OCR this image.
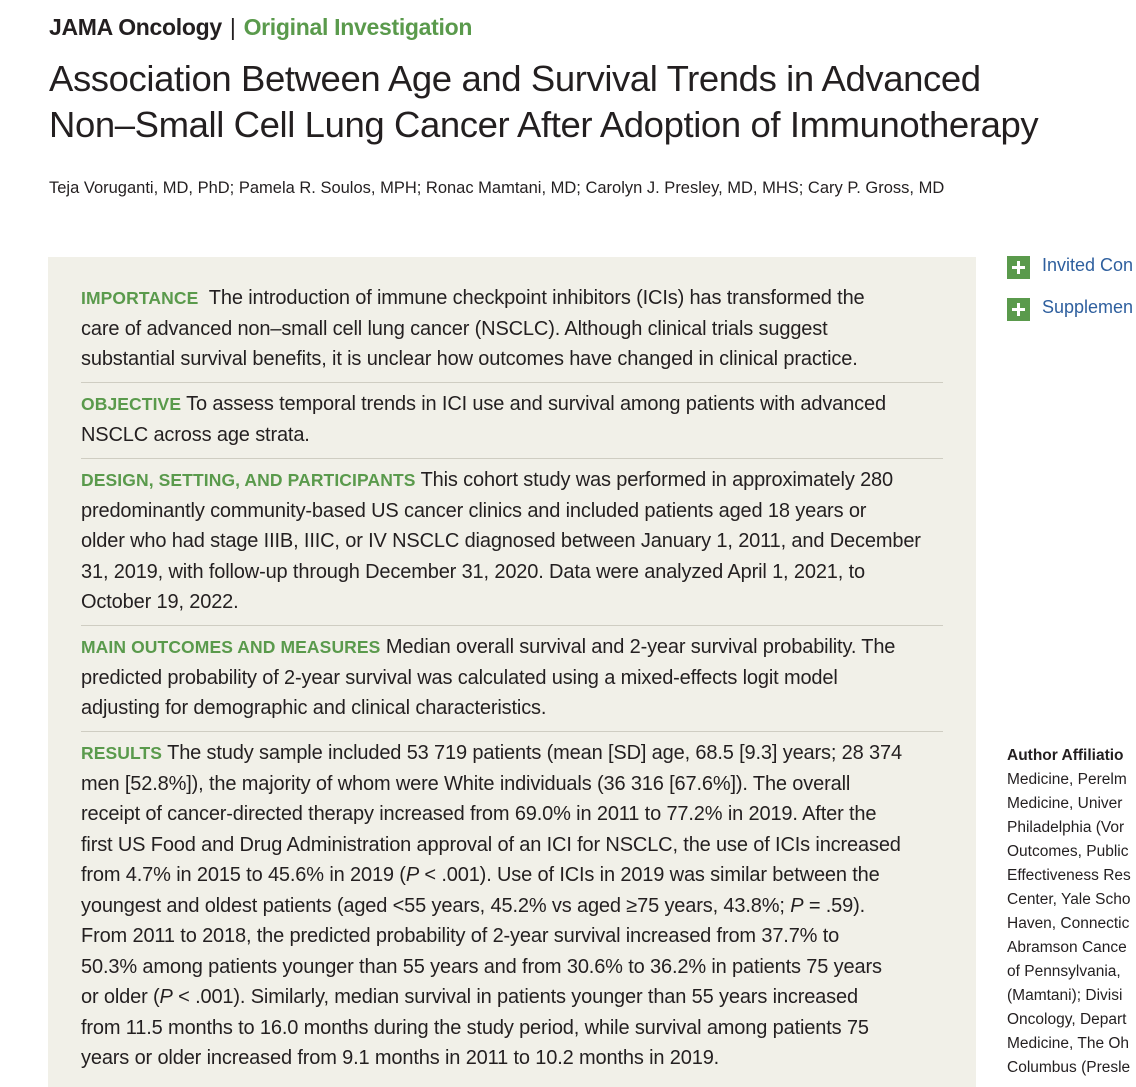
JAMA Oncology | Original Investigation
Association Between Age and Survival Trends in Advanced
Non–Small Cell Lung Cancer After Adoption of Immunotherapy
Teja Voruganti, MD, PhD; Pamela R. Soulos, MPH; Ronac Mamtani, MD; Carolyn J. Presley, MD, MHS; Cary P. Gross, MD
IMPORTANCE The introduction of immune checkpoint inhibitors (ICIs) has transformed the
care of advanced non–small cell lung cancer (NSCLC). Although clinical trials suggest
substantial survival benefits, it is unclear how outcomes have changed in clinical practice.
OBJECTIVE To assess temporal trends in ICI use and survival among patients with advanced
NSCLC across age strata.
DESIGN, SETTING, AND PARTICIPANTS This cohort study was performed in approximately 280
predominantly community-based US cancer clinics and included patients aged 18 years or
older who had stage IIIB, IIIC, or IV NSCLC diagnosed between January 1, 2011, and December
31, 2019, with follow-up through December 31, 2020. Data were analyzed April 1, 2021, to
October 19, 2022.
MAIN OUTCOMES AND MEASURES Median overall survival and 2-year survival probability. The
predicted probability of 2-year survival was calculated using a mixed-effects logit model
adjusting for demographic and clinical characteristics.
RESULTS The study sample included 53 719 patients (mean [SD] age, 68.5 [9.3] years; 28 374
men [52.8%]), the majority of whom were White individuals (36 316 [67.6%]). The overall
receipt of cancer-directed therapy increased from 69.0% in 2011 to 77.2% in 2019. After the
first US Food and Drug Administration approval of an ICI for NSCLC, the use of ICIs increased
from 4.7% in 2015 to 45.6% in 2019 (P < .001). Use of ICIs in 2019 was similar between the
youngest and oldest patients (aged <55 years, 45.2% vs aged ≥75 years, 43.8%; P = .59).
From 2011 to 2018, the predicted probability of 2-year survival increased from 37.7% to
50.3% among patients younger than 55 years and from 30.6% to 36.2% in patients 75 years
or older (P < .001). Similarly, median survival in patients younger than 55 years increased
from 11.5 months to 16.0 months during the study period, while survival among patients 75
years or older increased from 9.1 months in 2011 to 10.2 months in 2019.
Invited Con
Supplemen
Author Affiliatio
Medicine, Perelm
Medicine, Univer
Philadelphia (Vor
Outcomes, Public
Effectiveness Res
Center, Yale Scho
Haven, Connectic
Abramson Cance
of Pennsylvania,
(Mamtani); Divisi
Oncology, Depart
Medicine, The Oh
Columbus (Presle
